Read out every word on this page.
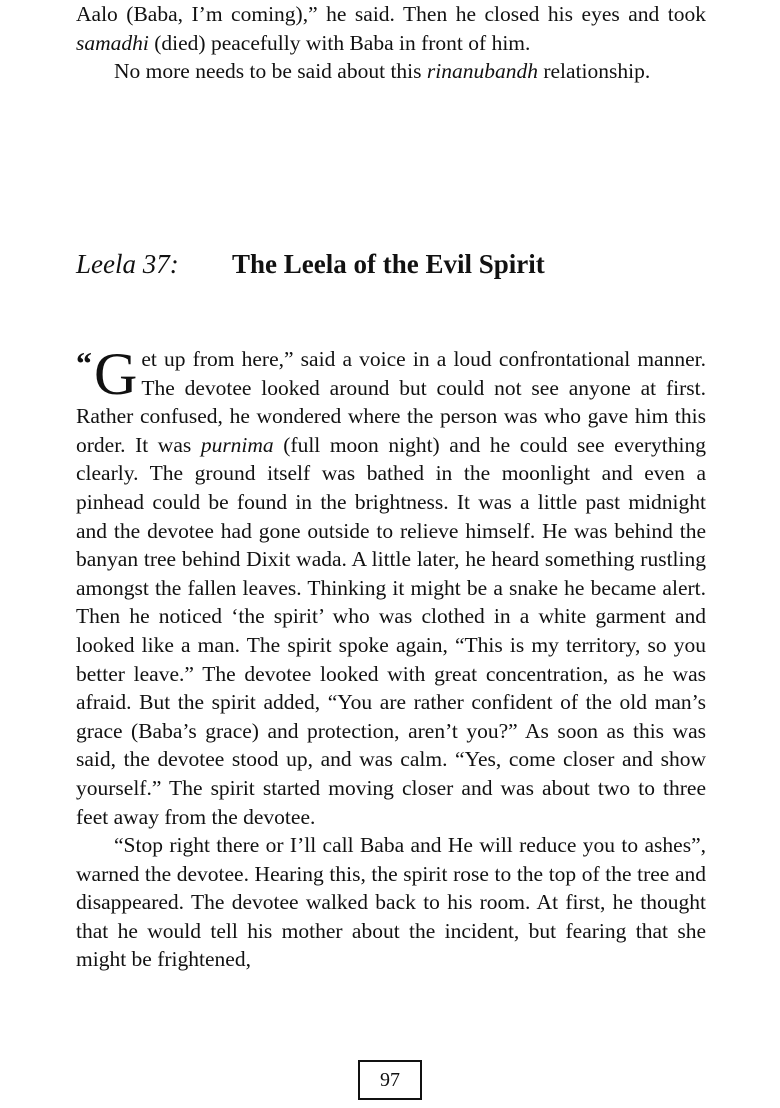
Aalo (Baba, I’m coming),” he said. Then he closed his eyes and took samadhi (died) peacefully with Baba in front of him.

No more needs to be said about this rinanubandh relationship.

Leela 37: The Leela of the Evil Spirit

“ G et up from here,” said a voice in a loud confrontational manner. The devotee looked around but could not see anyone at first. Rather confused, he wondered where the person was who gave him this order. It was purnima (full moon night) and he could see everything clearly. The ground itself was bathed in the moonlight and even a pinhead could be found in the brightness. It was a little past midnight and the devotee had gone outside to relieve himself. He was behind the banyan tree behind Dixit wada. A little later, he heard something rustling amongst the fallen leaves. Thinking it might be a snake he became alert. Then he noticed ‘the spirit’ who was clothed in a white garment and looked like a man. The spirit spoke again, “This is my territory, so you better leave.” The devotee looked with great concentration, as he was afraid. But the spirit added, “You are rather confident of the old man’s grace (Baba’s grace) and protection, aren’t you?” As soon as this was said, the devotee stood up, and was calm. “Yes, come closer and show yourself.” The spirit started moving closer and was about two to three feet away from the devotee.

“Stop right there or I’ll call Baba and He will reduce you to ashes”, warned the devotee. Hearing this, the spirit rose to the top of the tree and disappeared. The devotee walked back to his room. At first, he thought that he would tell his mother about the incident, but fearing that she might be frightened,

97
